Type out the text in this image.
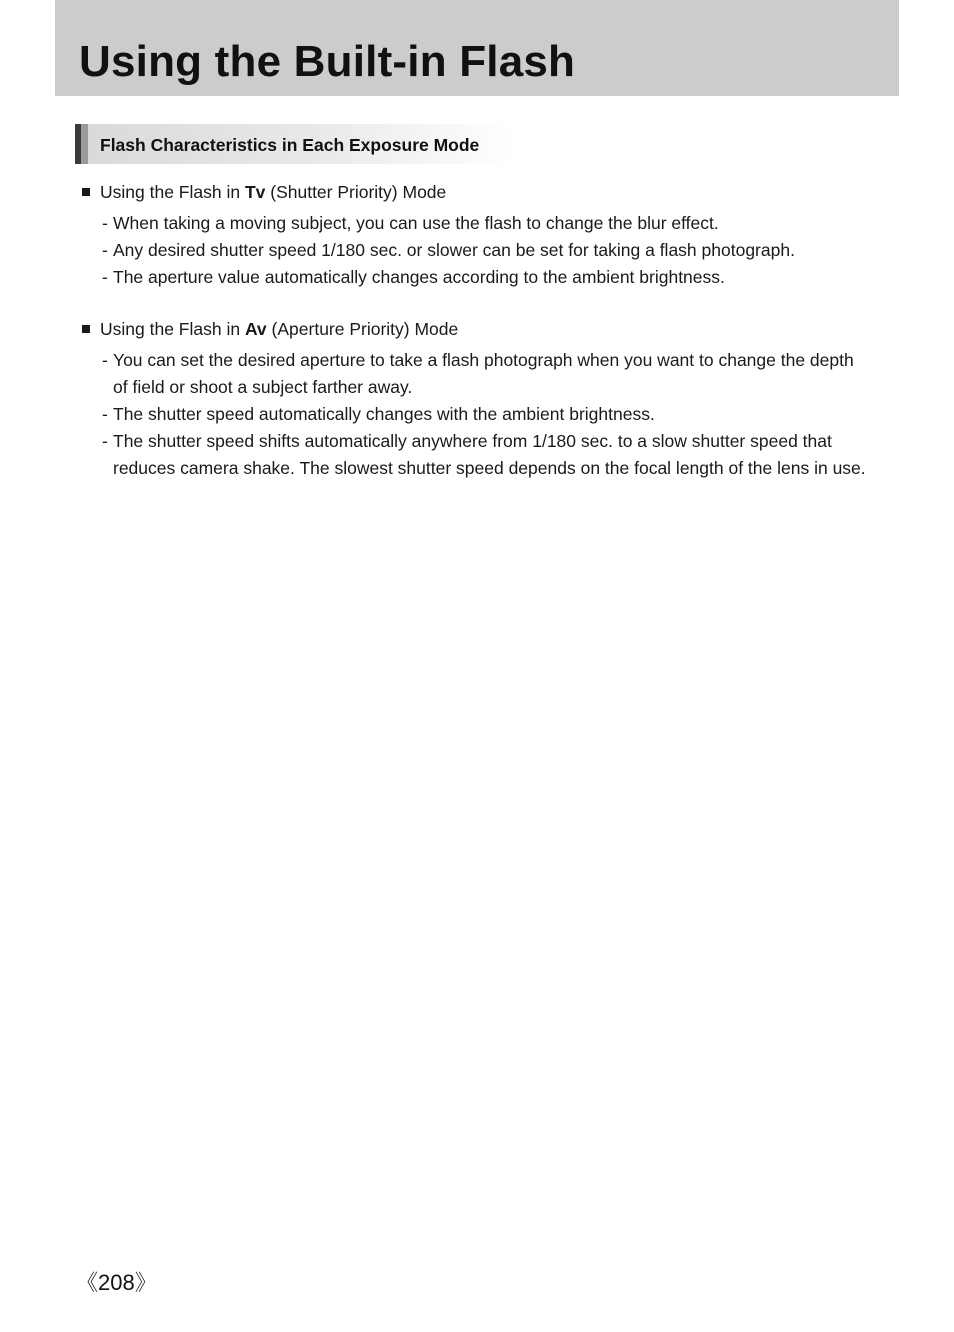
Using the Built-in Flash
Flash Characteristics in Each Exposure Mode
Using the Flash in Tv (Shutter Priority) Mode
- When taking a moving subject, you can use the flash to change the blur effect.
- Any desired shutter speed 1/180 sec. or slower can be set for taking a flash photograph.
- The aperture value automatically changes according to the ambient brightness.
Using the Flash in Av (Aperture Priority) Mode
- You can set the desired aperture to take a flash photograph when you want to change the depth of field or shoot a subject farther away.
- The shutter speed automatically changes with the ambient brightness.
- The shutter speed shifts automatically anywhere from 1/180 sec. to a slow shutter speed that reduces camera shake. The slowest shutter speed depends on the focal length of the lens in use.
《208》
